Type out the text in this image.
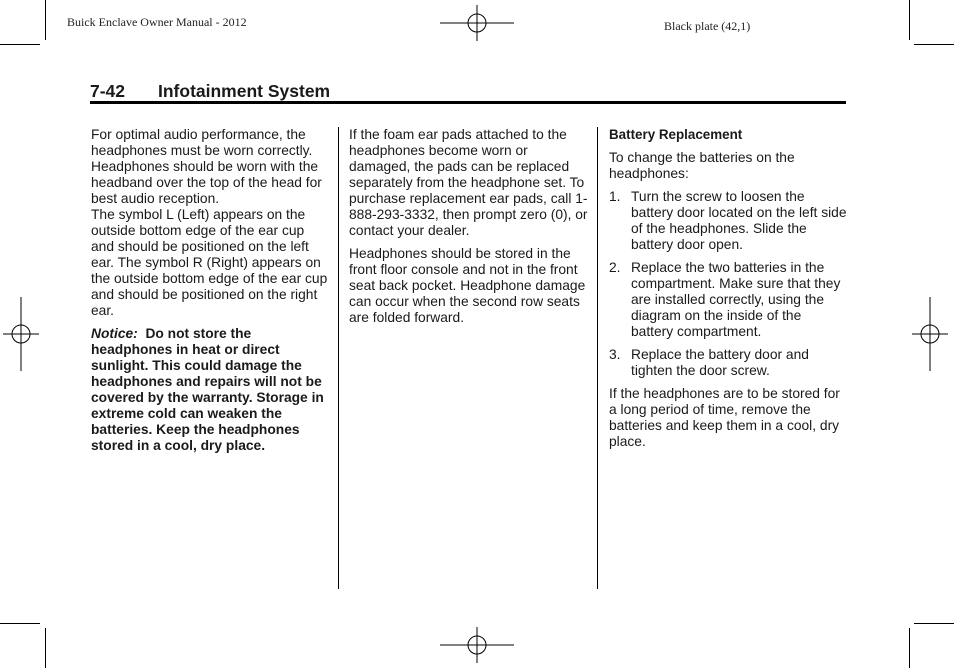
Buick Enclave Owner Manual - 2012	Black plate (42,1)
7-42 Infotainment System

For optimal audio performance, the headphones must be worn correctly. Headphones should be worn with the headband over the top of the head for best audio reception.

The symbol L (Left) appears on the outside bottom edge of the ear cup and should be positioned on the left ear. The symbol R (Right) appears on the outside bottom edge of the ear cup and should be positioned on the right ear.

Notice: Do not store the headphones in heat or direct sunlight. This could damage the headphones and repairs will not be covered by the warranty. Storage in extreme cold can weaken the batteries. Keep the headphones stored in a cool, dry place.

If the foam ear pads attached to the headphones become worn or damaged, the pads can be replaced separately from the headphone set. To purchase replacement ear pads, call 1-888-293-3332, then prompt zero (0), or contact your dealer.

Headphones should be stored in the front floor console and not in the front seat back pocket. Headphone damage can occur when the second row seats are folded forward.

Battery Replacement

To change the batteries on the headphones:

1. Turn the screw to loosen the battery door located on the left side of the headphones. Slide the battery door open.
2. Replace the two batteries in the compartment. Make sure that they are installed correctly, using the diagram on the inside of the battery compartment.
3. Replace the battery door and tighten the door screw.

If the headphones are to be stored for a long period of time, remove the batteries and keep them in a cool, dry place.
